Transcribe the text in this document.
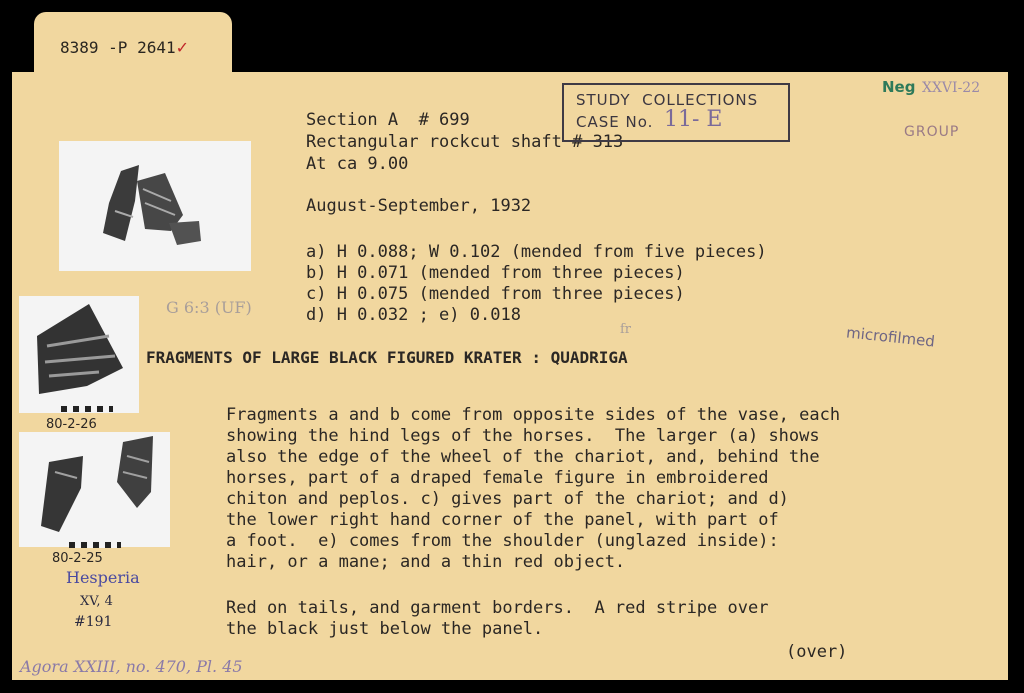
8389 -P 2641✓
Section A  # 699
Rectangular rockcut shaft # 313
At ca 9.00
August-September, 1932
STUDY  COLLECTIONS
CASE No. 11- E
Neg XXVI-22
GROUP
microfilmed
a) H 0.088; W 0.102 (mended from five pieces)
b) H 0.071 (mended from three pieces)
c) H 0.075 (mended from three pieces)
d) H 0.032 ; e) 0.018
G 6:3 (UF)
fr
FRAGMENTS OF LARGE BLACK FIGURED KRATER : QUADRIGA
Fragments a and b come from opposite sides of the vase, each
showing the hind legs of the horses.  The larger (a) shows
also the edge of the wheel of the chariot, and, behind the
horses, part of a draped female figure in embroidered
chiton and peplos. c) gives part of the chariot; and d)
the lower right hand corner of the panel, with part of
a foot.  e) comes from the shoulder (unglazed inside):
hair, or a mane; and a thin red object.
Red on tails, and garment borders.  A red stripe over
the black just below the panel.
(over)
80-2-26
80-2-25
Hesperia
XV, 4
#191
Agora XXIII, no. 470, Pl. 45
